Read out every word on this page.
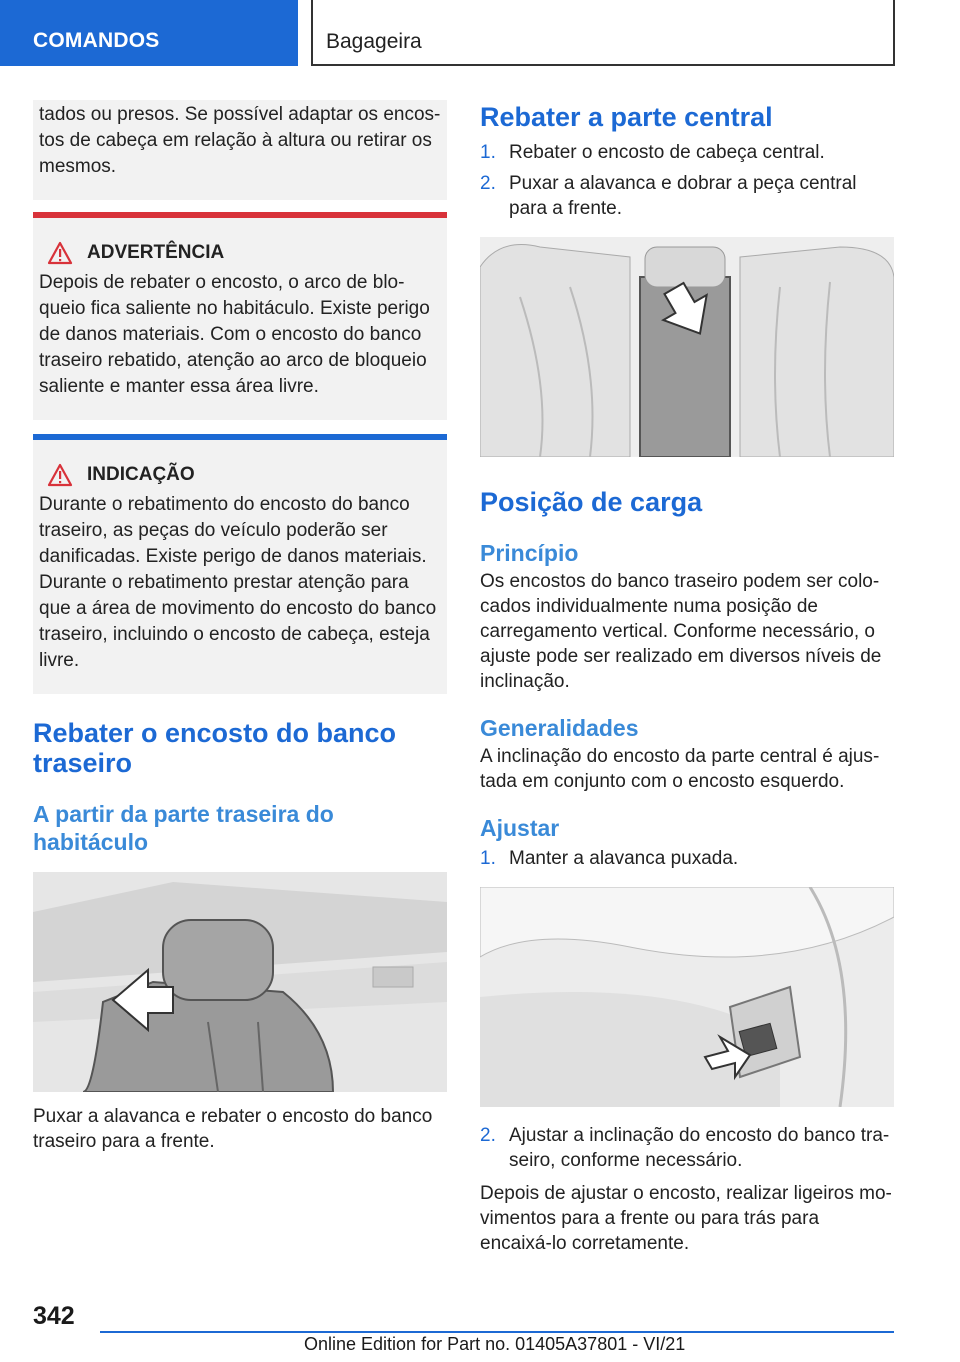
COMANDOS	Bagageira

tados ou presos. Se possível adaptar os encostos de cabeça em relação à altura ou retirar os mesmos.

ADVERTÊNCIA

Depois de rebater o encosto, o arco de bloqueio fica saliente no habitáculo. Existe perigo de danos materiais. Com o encosto do banco traseiro rebatido, atenção ao arco de bloqueio saliente e manter essa área livre.

INDICAÇÃO

Durante o rebatimento do encosto do banco traseiro, as peças do veículo poderão ser danificadas. Existe perigo de danos materiais. Durante o rebatimento prestar atenção para que a área de movimento do encosto do banco traseiro, incluindo o encosto de cabeça, esteja livre.

Rebater o encosto do banco traseiro
A partir da parte traseira do habitáculo

Puxar a alavanca e rebater o encosto do banco traseiro para a frente.

Rebater a parte central
1. Rebater o encosto de cabeça central.
2. Puxar a alavanca e dobrar a peça central para a frente.
Posição de carga
Princípio

Os encostos do banco traseiro podem ser colocados individualmente numa posição de carregamento vertical. Conforme necessário, o ajuste pode ser realizado em diversos níveis de inclinação.

Generalidades

A inclinação do encosto da parte central é ajustada em conjunto com o encosto esquerdo.

Ajustar
1. Manter a alavanca puxada.
2. Ajustar a inclinação do encosto do banco traseiro, conforme necessário.

Depois de ajustar o encosto, realizar ligeiros movimentos para a frente ou para trás para encaixá-lo corretamente.

342
Online Edition for Part no. 01405A37801 - VI/21
